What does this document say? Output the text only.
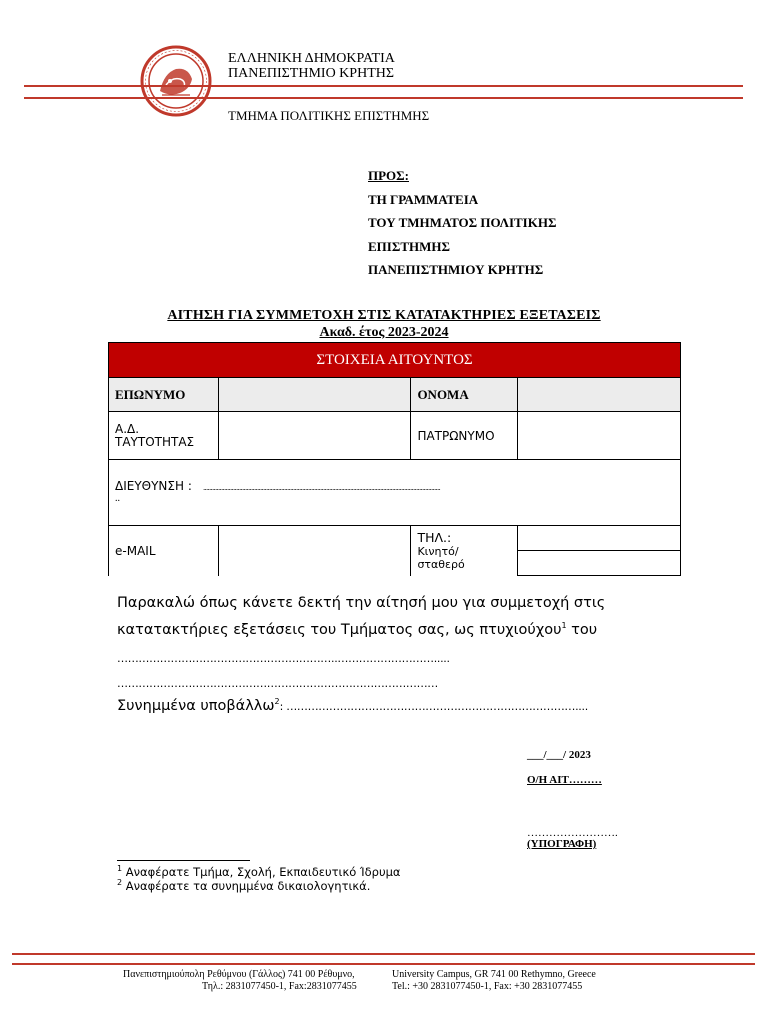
ΕΛΛΗΝΙΚΗ ΔΗΜΟΚΡΑΤΙΑ
ΠΑΝΕΠΙΣΤΗΜΙΟ ΚΡΗΤΗΣ
ΤΜΗΜΑ ΠΟΛΙΤΙΚΗΣ ΕΠΙΣΤΗΜΗΣ
ΠΡΟΣ:
ΤΗ ΓΡΑΜΜΑΤΕΙΑ
ΤΟΥ ΤΜΗΜΑΤΟΣ ΠΟΛΙΤΙΚΗΣ
ΕΠΙΣΤΗΜΗΣ
ΠΑΝΕΠΙΣΤΗΜΙΟΥ ΚΡΗΤΗΣ
ΑΙΤΗΣΗ ΓΙΑ ΣΥΜΜΕΤΟΧΗ ΣΤΙΣ ΚΑΤΑΤΑΚΤΗΡΙΕΣ ΕΞΕΤΑΣΕΙΣ
Ακαδ. έτος 2023-2024
ΣΤΟΙΧΕΙΑ ΑΙΤΟΥΝΤΟΣ			
ΕΠΩΝΥΜΟ		ΟΝΟΜΑ	
Α.Δ. ΤΑΥΤΟΤΗΤΑΣ		ΠΑΤΡΩΝΥΜΟ	
ΔΙΕΥΘΥΝΣΗ : ..............................................................................................................................................................
..			

e-MAIL		ΤΗΛ.:
Κινητό/ σταθερό	

Παρακαλώ όπως κάνετε δεκτή την αίτησή μου για συμμετοχή στις
κατατακτήριες εξετάσεις του Τμήματος σας, ως πτυχιούχου$^1$ του
……………………………………………………..……………………….....
………………………………………………………………………………
Συνημμένα υποβάλλω$^2$: ………………………………………………………………………....
___/___/ 2023
Ο/Η ΑΙΤ………
…………………….
(ΥΠΟΓΡΑΦΗ)
$^1$ Αναφέρατε Τμήμα, Σχολή, Εκπαιδευτικό Ίδρυμα
$^2$ Αναφέρατε τα συνημμένα δικαιολογητικά.
Πανεπιστημιούπολη Ρεθύμνου (Γάλλος) 741 00 Ρέθυμνο,
Τηλ.: 2831077450-1, Fax:2831077455
University Campus, GR 741 00 Rethymno, Greece
Tel.: +30 2831077450-1, Fax: +30 2831077455
